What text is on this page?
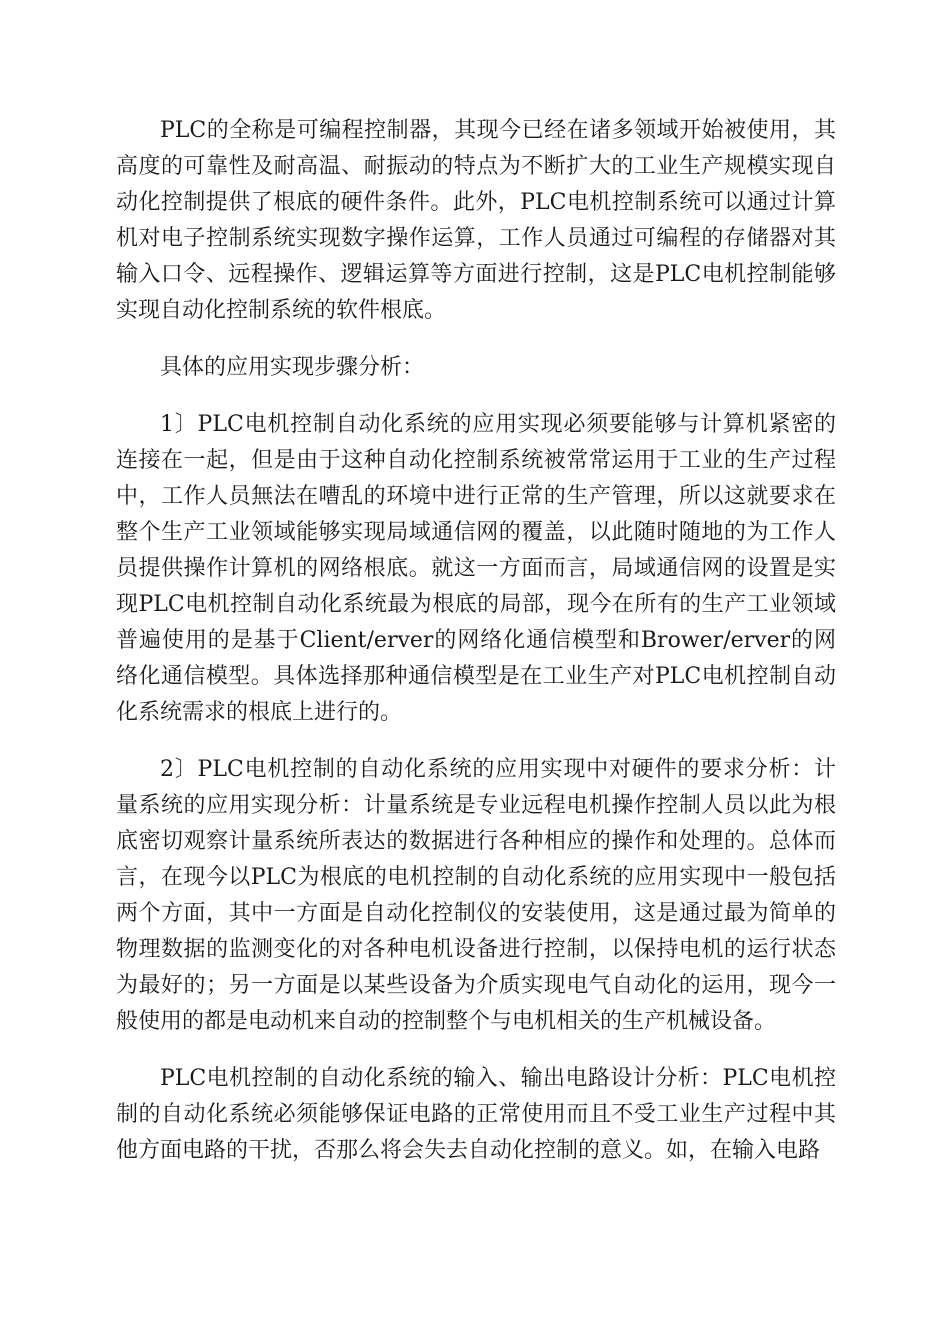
PLC的全称是可编程控制器，其现今已经在诸多领域开始被使用，其高度的可靠性及耐高温、耐振动的特点为不断扩大的工业生产规模实现自动化控制提供了根底的硬件条件。此外，PLC电机控制系统可以通过计算机对电子控制系统实现数字操作运算，工作人员通过可编程的存储器对其输入口令、远程操作、逻辑运算等方面进行控制，这是PLC电机控制能够实现自动化控制系统的软件根底。

具体的应用实现步骤分析：

1〕PLC电机控制自动化系统的应用实现必须要能够与计算机紧密的连接在一起，但是由于这种自动化控制系统被常常运用于工业的生产过程中，工作人员無法在嘈乱的环境中进行正常的生产管理，所以这就要求在整个生产工业领域能够实现局域通信网的覆盖，以此随时随地的为工作人员提供操作计算机的网络根底。就这一方面而言，局域通信网的设置是实现PLC电机控制自动化系统最为根底的局部，现今在所有的生产工业领域普遍使用的是基于Client/erver的网络化通信模型和Brower/erver的网络化通信模型。具体选择那种通信模型是在工业生产对PLC电机控制自动化系统需求的根底上进行的。

2〕PLC电机控制的自动化系统的应用实现中对硬件的要求分析：计量系统的应用实现分析：计量系统是专业远程电机操作控制人员以此为根底密切观察计量系统所表达的数据进行各种相应的操作和处理的。总体而言，在现今以PLC为根底的电机控制的自动化系统的应用实现中一般包括两个方面，其中一方面是自动化控制仪的安装使用，这是通过最为简单的物理数据的监测变化的对各种电机设备进行控制，以保持电机的运行状态为最好的；另一方面是以某些设备为介质实现电气自动化的运用，现今一般使用的都是电动机来自动的控制整个与电机相关的生产机械设备。

PLC电机控制的自动化系统的输入、输出电路设计分析：PLC电机控制的自动化系统必须能够保证电路的正常使用而且不受工业生产过程中其他方面电路的干扰，否那么将会失去自动化控制的意义。如，在输入电路
